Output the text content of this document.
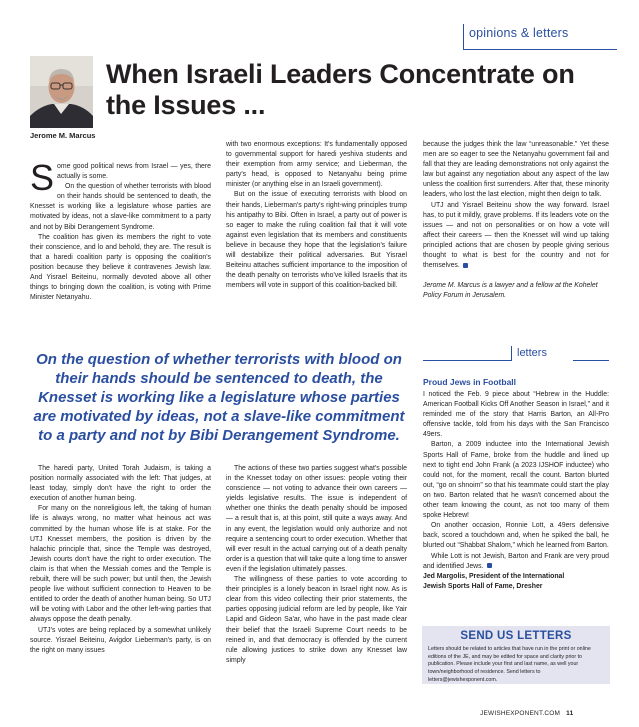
opinions & letters
Jerome M. Marcus
When Israeli Leaders Concentrate on the Issues ...

Some good political news from Israel — yes, there actually is some.

On the question of whether terrorists with blood on their hands should be sentenced to death, the Knesset is working like a legislature whose parties are motivated by ideas, not a slave-like commitment to a party and not by Bibi Derangement Syndrome.

The coalition has given its members the right to vote their conscience, and lo and behold, they are. The result is that a haredi coalition party is opposing the coalition's position because they believe it contravenes Jewish law. And Yisrael Beiteinu, normally devoted above all other things to bringing down the coalition, is voting with Prime Minister Netanyahu.

with two enormous exceptions: It's fundamentally opposed to governmental support for haredi yeshiva students and their exemption from army service; and Lieberman, the party's head, is opposed to Netanyahu being prime minister (or anything else in an Israeli government).

But on the issue of executing terrorists with blood on their hands, Lieberman's party's right-wing principles trump his antipathy to Bibi. Often in Israel, a party out of power is so eager to make the ruling coalition fail that it will vote against even legislation that its members and constituents believe in because they hope that the legislation's failure will destabilize their political adversaries. But Yisrael Beiteinu attaches sufficient importance to the imposition of the death penalty on terrorists who've killed Israelis that its members will vote in support of this coalition-backed bill.

because the judges think the law “unreasonable.” Yet these men are so eager to see the Netanyahu government fail and fall that they are leading demonstrations not only against the law but against any negotiation about any aspect of the law unless the coalition first surrenders. After that, these minority leaders, who lost the last election, might then deign to talk.

UTJ and Yisrael Beiteinu show the way forward. Israel has, to put it mildly, grave problems. If its leaders vote on the issues — and not on personalities or on how a vote will affect their careers — then the Knesset will wind up taking principled actions that are chosen by people giving serious thought to what is best for the country and not for themselves.

Jerome M. Marcus is a lawyer and a fellow at the Kohelet Policy Forum in Jerusalem.

On the question of whether terrorists with blood on their hands should be sentenced to death, the Knesset is working like a legislature whose parties are motivated by ideas, not a slave-like commitment to a party and not by Bibi Derangement Syndrome.

The haredi party, United Torah Judaism, is taking a position normally associated with the left: That judges, at least today, simply don't have the right to order the execution of another human being.

For many on the nonreligious left, the taking of human life is always wrong, no matter what heinous act was committed by the human whose life is at stake. For the UTJ Knesset members, the position is driven by the halachic principle that, since the Temple was destroyed, Jewish courts don't have the right to order execution. The claim is that when the Messiah comes and the Temple is rebuilt, there will be such power; but until then, the Jewish people live without sufficient connection to Heaven to be entitled to order the death of another human being. So UTJ will be voting with Labor and the other left-wing parties that always oppose the death penalty.

UTJ's votes are being replaced by a somewhat unlikely source. Yisrael Beiteinu, Avigdor Lieberman's party, is on the right on many issues

The actions of these two parties suggest what's possible in the Knesset today on other issues: people voting their conscience — not voting to advance their own careers — yields legislative results. The issue is independent of whether one thinks the death penalty should be imposed — a result that is, at this point, still quite a ways away. And in any event, the legislation would only authorize and not require a sentencing court to order execution. Whether that will ever result in the actual carrying out of a death penalty order is a question that will take quite a long time to answer even if the legislation ultimately passes.

The willingness of these parties to vote according to their principles is a lonely beacon in Israel right now. As is clear from this video collecting their prior statements, the parties opposing judicial reform are led by people, like Yair Lapid and Gideon Sa'ar, who have in the past made clear their belief that the Israeli Supreme Court needs to be reined in, and that democracy is offended by the current rule allowing justices to strike down any Knesset law simply

letters
Proud Jews in Football

I noticed the Feb. 9 piece about “Hebrew in the Huddle: American Football Kicks Off Another Season in Israel,” and it reminded me of the story that Harris Barton, an All-Pro offensive tackle, told from his days with the San Francisco 49ers.

Barton, a 2009 inductee into the International Jewish Sports Hall of Fame, broke from the huddle and lined up next to tight end John Frank (a 2023 IJSHOF inductee) who could not, for the moment, recall the count. Barton blurted out, “go on shnoim” so that his teammate could start the play on two. Barton related that he wasn't concerned about the other team knowing the count, as not too many of them spoke Hebrew!

On another occasion, Ronnie Lott, a 49ers defensive back, scored a touchdown and, when he spiked the ball, he blurted out “Shabbat Shalom,” which he learned from Barton.

While Lott is not Jewish, Barton and Frank are very proud and identified Jews.

Jed Margolis, President of the International

Jewish Sports Hall of Fame, Dresher

SEND US LETTERS
Letters should be related to articles that have run in the print or online editions of the JE, and may be edited for space and clarity prior to publication. Please include your first and last name, as well your town/neighborhood of residence. Send letters to letters@jewishexponent.com.
JEWISHEXPONENT.COM 11
